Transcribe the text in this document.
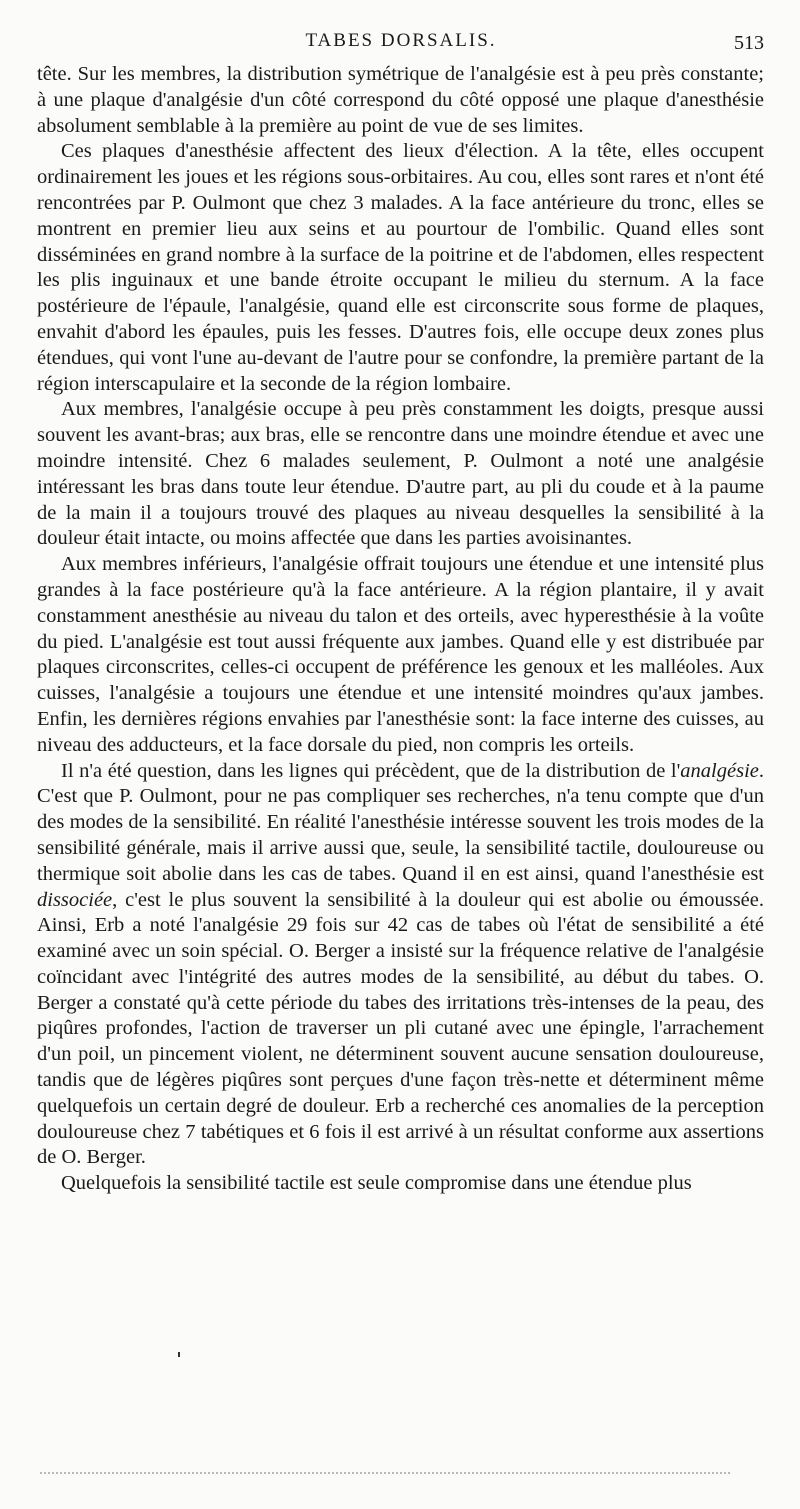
TABES DORSALIS.	513

tête. Sur les membres, la distribution symétrique de l'analgésie est à peu près constante; à une plaque d'analgésie d'un côté correspond du côté opposé une plaque d'anesthésie absolument semblable à la première au point de vue de ses limites.

Ces plaques d'anesthésie affectent des lieux d'élection. A la tête, elles occupent ordinairement les joues et les régions sous-orbitaires. Au cou, elles sont rares et n'ont été rencontrées par P. Oulmont que chez 3 malades. A la face antérieure du tronc, elles se montrent en premier lieu aux seins et au pourtour de l'ombilic. Quand elles sont disséminées en grand nombre à la surface de la poitrine et de l'abdomen, elles respectent les plis inguinaux et une bande étroite occupant le milieu du sternum. A la face postérieure de l'épaule, l'analgésie, quand elle est circonscrite sous forme de plaques, envahit d'abord les épaules, puis les fesses. D'autres fois, elle occupe deux zones plus étendues, qui vont l'une au-devant de l'autre pour se confondre, la première partant de la région interscapulaire et la seconde de la région lombaire.

Aux membres, l'analgésie occupe à peu près constamment les doigts, presque aussi souvent les avant-bras; aux bras, elle se rencontre dans une moindre étendue et avec une moindre intensité. Chez 6 malades seulement, P. Oulmont a noté une analgésie intéressant les bras dans toute leur étendue. D'autre part, au pli du coude et à la paume de la main il a toujours trouvé des plaques au niveau desquelles la sensibilité à la douleur était intacte, ou moins affectée que dans les parties avoisinantes.

Aux membres inférieurs, l'analgésie offrait toujours une étendue et une intensité plus grandes à la face postérieure qu'à la face antérieure. A la région plantaire, il y avait constamment anesthésie au niveau du talon et des orteils, avec hyperesthésie à la voûte du pied. L'analgésie est tout aussi fréquente aux jambes. Quand elle y est distribuée par plaques circonscrites, celles-ci occupent de préférence les genoux et les malléoles. Aux cuisses, l'analgésie a toujours une étendue et une intensité moindres qu'aux jambes. Enfin, les dernières régions envahies par l'anesthésie sont: la face interne des cuisses, au niveau des adducteurs, et la face dorsale du pied, non compris les orteils.

Il n'a été question, dans les lignes qui précèdent, que de la distribution de l'analgésie. C'est que P. Oulmont, pour ne pas compliquer ses recherches, n'a tenu compte que d'un des modes de la sensibilité. En réalité l'anesthésie intéresse souvent les trois modes de la sensibilité générale, mais il arrive aussi que, seule, la sensibilité tactile, douloureuse ou thermique soit abolie dans les cas de tabes. Quand il en est ainsi, quand l'anesthésie est dissociée, c'est le plus souvent la sensibilité à la douleur qui est abolie ou émoussée. Ainsi, Erb a noté l'analgésie 29 fois sur 42 cas de tabes où l'état de sensibilité a été examiné avec un soin spécial. O. Berger a insisté sur la fréquence relative de l'analgésie coïncidant avec l'intégrité des autres modes de la sensibilité, au début du tabes. O. Berger a constaté qu'à cette période du tabes des irritations très-intenses de la peau, des piqûres profondes, l'action de traverser un pli cutané avec une épingle, l'arrachement d'un poil, un pincement violent, ne déterminent souvent aucune sensation douloureuse, tandis que de légères piqûres sont perçues d'une façon très-nette et déterminent même quelquefois un certain degré de douleur. Erb a recherché ces anomalies de la perception douloureuse chez 7 tabétiques et 6 fois il est arrivé à un résultat conforme aux assertions de O. Berger.

Quelquefois la sensibilité tactile est seule compromise dans une étendue plus
